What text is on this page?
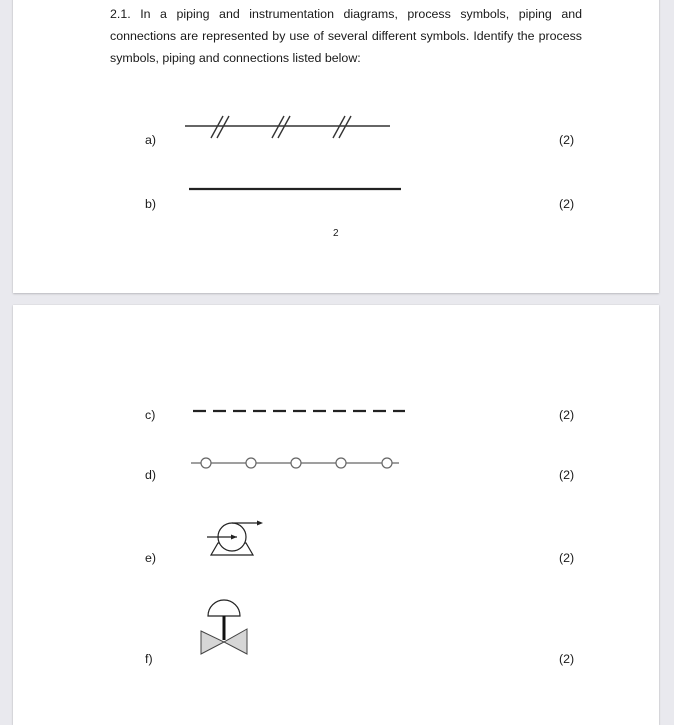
2.1. In a piping and instrumentation diagrams, process symbols, piping and connections are represented by use of several different symbols. Identify the process symbols, piping and connections listed below:

a)	(2)
b)	(2)
2
c)	(2)
d)	(2)
e)	(2)
f)	(2)
